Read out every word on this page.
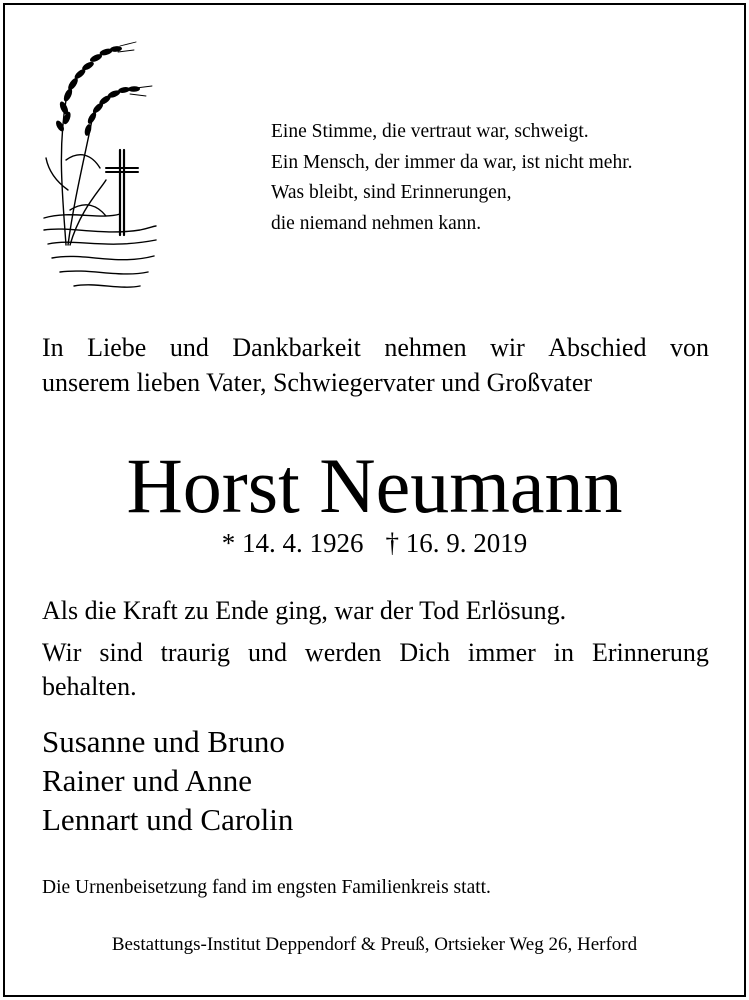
Eine Stimme, die vertraut war, schweigt.
Ein Mensch, der immer da war, ist nicht mehr.
Was bleibt, sind Erinnerungen,
die niemand nehmen kann.
In Liebe und Dankbarkeit nehmen wir Abschied von
unserem lieben Vater, Schwiegervater und Großvater
Horst Neumann
* 14. 4. 1926 † 16. 9. 2019
Als die Kraft zu Ende ging, war der Tod Erlösung.
Wir sind traurig und werden Dich immer in Erinnerung
behalten.
Susanne und Bruno
Rainer und Anne
Lennart und Carolin
Die Urnenbeisetzung fand im engsten Familienkreis statt.
Bestattungs-Institut Deppendorf & Preuß, Ortsieker Weg 26, Herford
